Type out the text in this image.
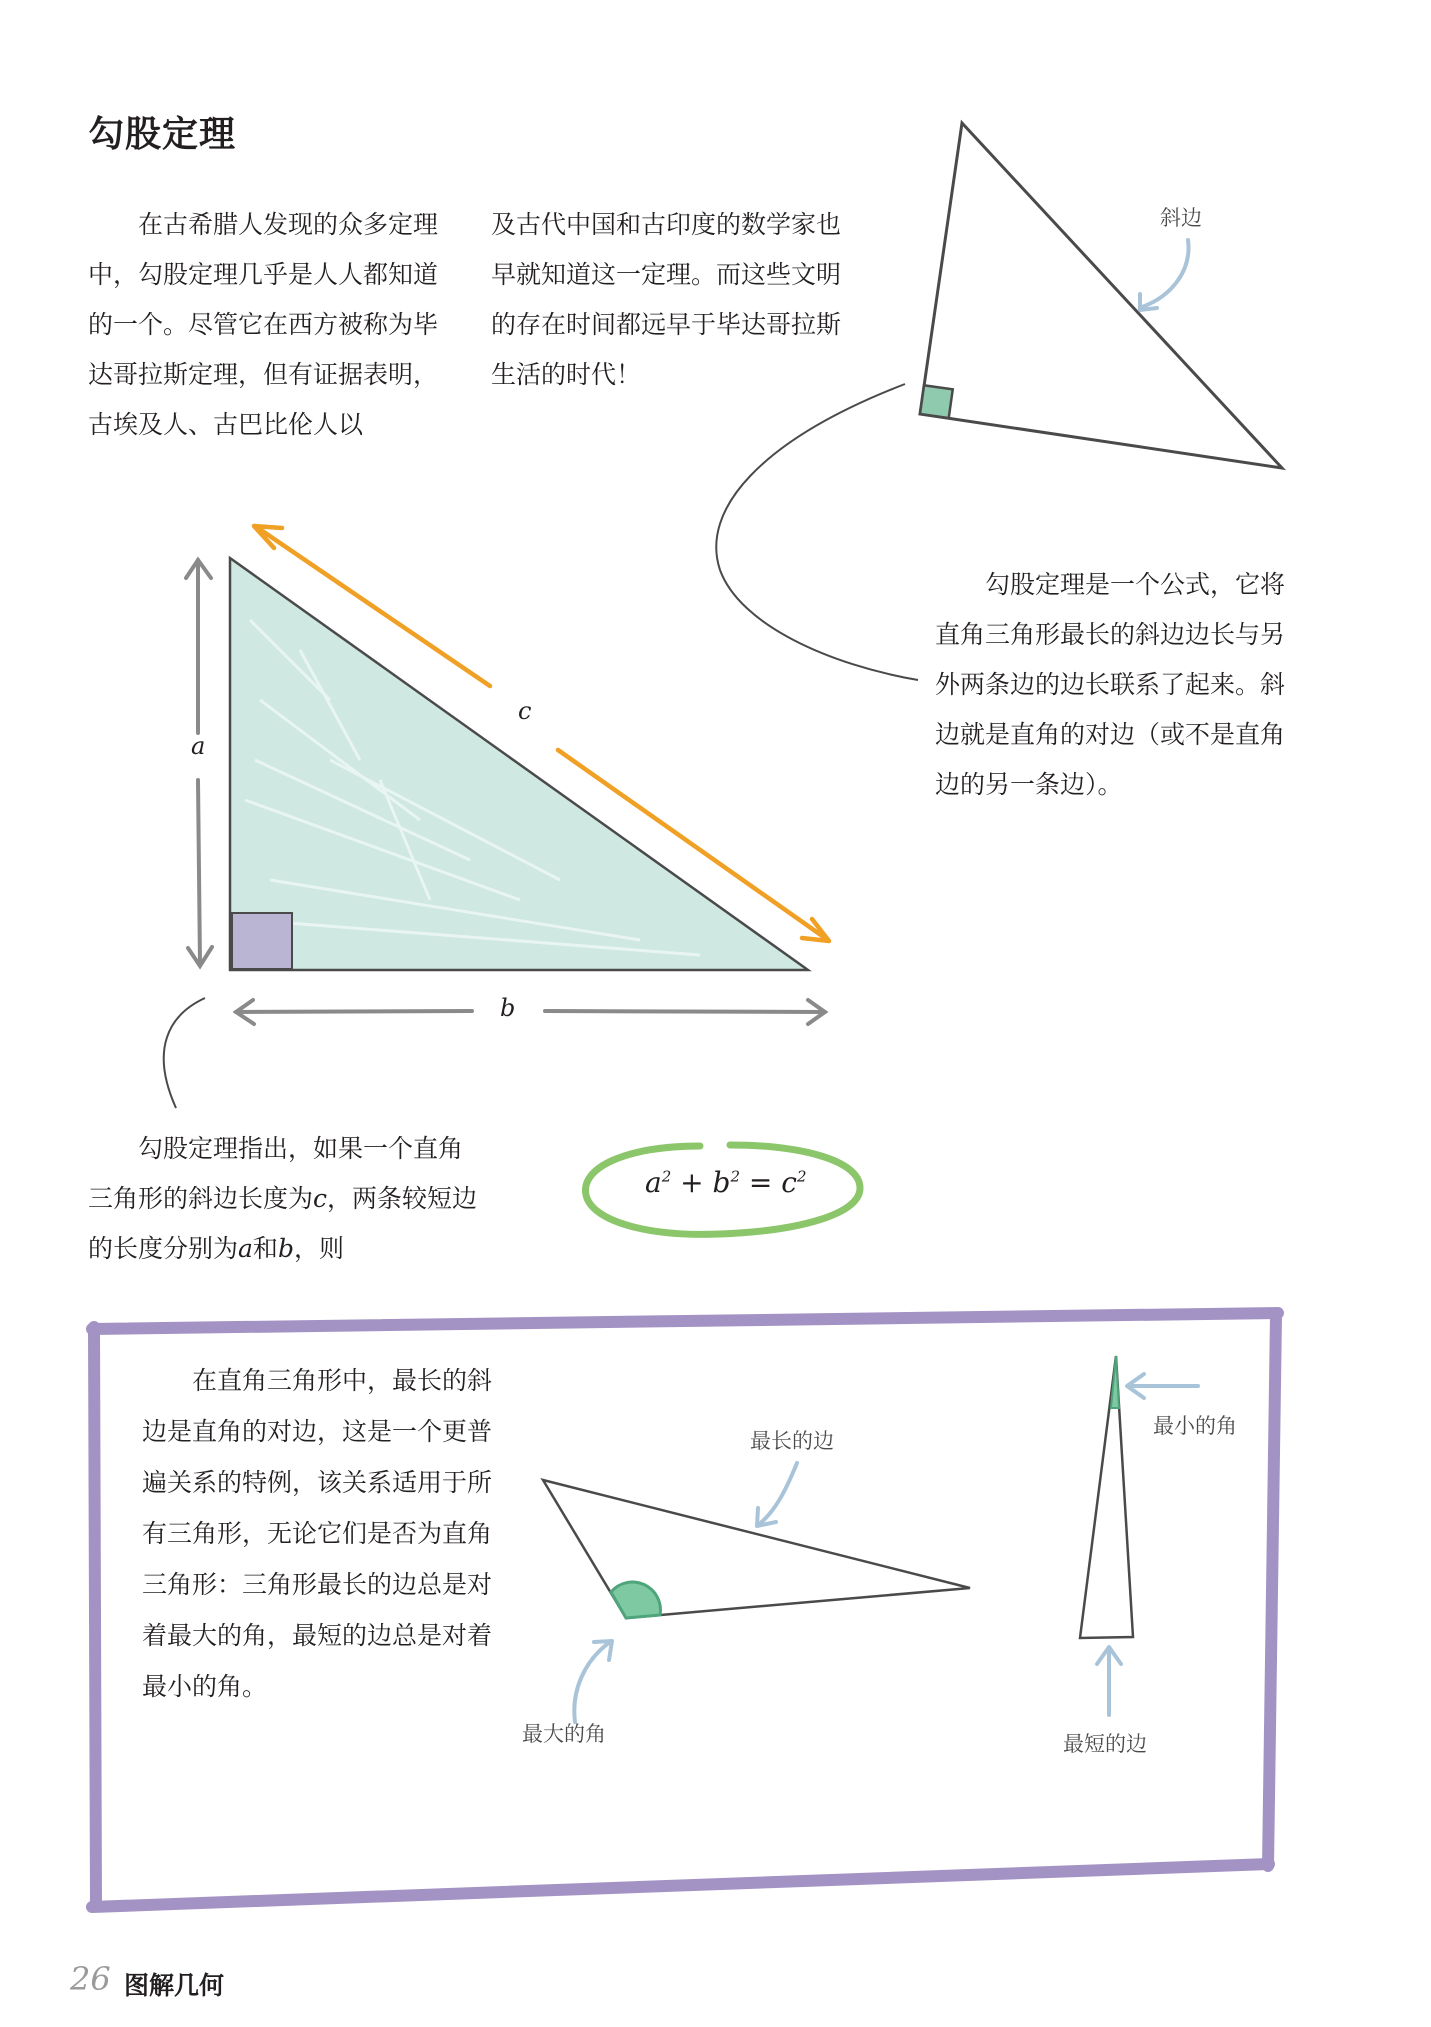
勾股定理

在古希腊人发现的众多定理中，勾股定理几乎是人人都知道的一个。尽管它在西方被称为毕达哥拉斯定理，但有证据表明，古埃及人、古巴比伦人以

及古代中国和古印度的数学家也早就知道这一定理。而这些文明的存在时间都远早于毕达哥拉斯生活的时代！

斜边

勾股定理是一个公式，它将直角三角形最长的斜边边长与另外两条边的边长联系了起来。斜边就是直角的对边（或不是直角边的另一条边）。

a
c
b

勾股定理指出，如果一个直角三角形的斜边长度为c，两条较短边的长度分别为a和b，则

$a^2 + b^2 = c^2$

在直角三角形中，最长的斜边是直角的对边，这是一个更普遍关系的特例，该关系适用于所有三角形，无论它们是否为直角三角形：三角形最长的边总是对着最大的角，最短的边总是对着最小的角。

最长的边
最大的角
最小的角
最短的边
26 图解几何
